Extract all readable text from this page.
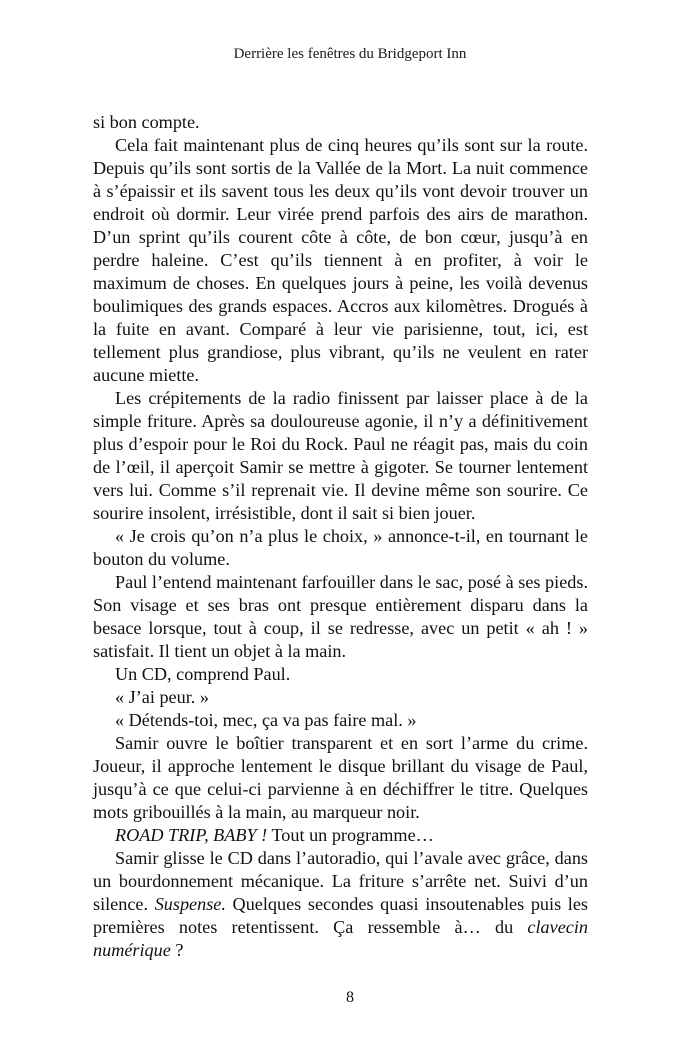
Derrière les fenêtres du Bridgeport Inn

si bon compte.

Cela fait maintenant plus de cinq heures qu’ils sont sur la route. Depuis qu’ils sont sortis de la Vallée de la Mort. La nuit commence à s’épaissir et ils savent tous les deux qu’ils vont devoir trouver un endroit où dormir. Leur virée prend parfois des airs de marathon. D’un sprint qu’ils courent côte à côte, de bon cœur, jusqu’à en perdre haleine. C’est qu’ils tiennent à en profiter, à voir le maximum de choses. En quelques jours à peine, les voilà devenus boulimiques des grands espaces. Accros aux kilomètres. Drogués à la fuite en avant. Comparé à leur vie parisienne, tout, ici, est tellement plus grandiose, plus vibrant, qu’ils ne veulent en rater aucune miette.

Les crépitements de la radio finissent par laisser place à de la simple friture. Après sa douloureuse agonie, il n’y a définitivement plus d’espoir pour le Roi du Rock. Paul ne réagit pas, mais du coin de l’œil, il aperçoit Samir se mettre à gigoter. Se tourner lentement vers lui. Comme s’il reprenait vie. Il devine même son sourire. Ce sourire insolent, irrésistible, dont il sait si bien jouer.

« Je crois qu’on n’a plus le choix, » annonce-t-il, en tournant le bouton du volume.

Paul l’entend maintenant farfouiller dans le sac, posé à ses pieds. Son visage et ses bras ont presque entièrement disparu dans la besace lorsque, tout à coup, il se redresse, avec un petit « ah ! » satisfait. Il tient un objet à la main.

Un CD, comprend Paul.

« J’ai peur. »

« Détends-toi, mec, ça va pas faire mal. »

Samir ouvre le boîtier transparent et en sort l’arme du crime. Joueur, il approche lentement le disque brillant du visage de Paul, jusqu’à ce que celui-ci parvienne à en déchiffrer le titre. Quelques mots gribouillés à la main, au marqueur noir.

ROAD TRIP, BABY ! Tout un programme…

Samir glisse le CD dans l’autoradio, qui l’avale avec grâce, dans un bourdonnement mécanique. La friture s’arrête net. Suivi d’un silence. Suspense. Quelques secondes quasi insoutenables puis les premières notes retentissent. Ça ressemble à… du clavecin numérique ?

8
